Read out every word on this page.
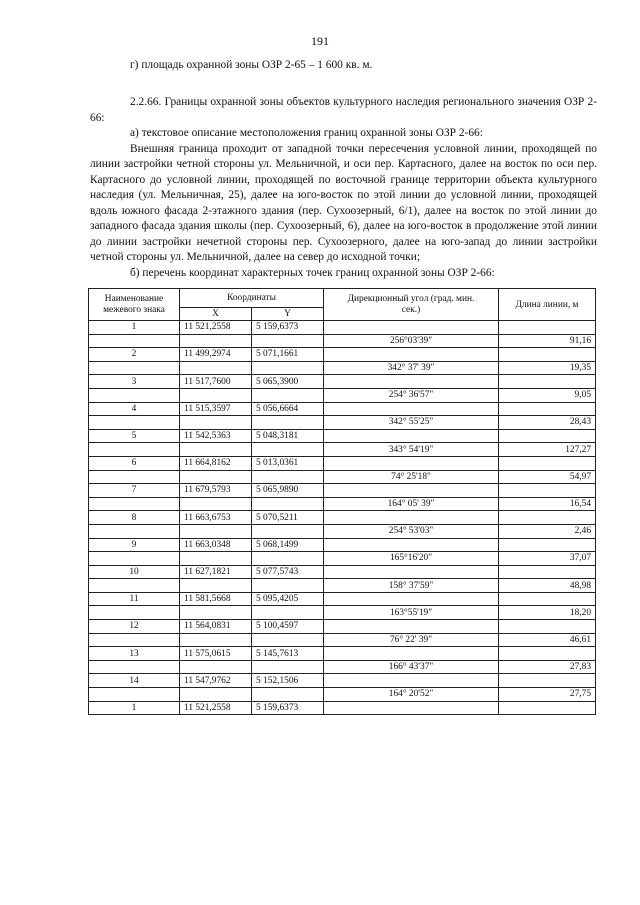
191

г) площадь охранной зоны ОЗР 2-65 – 1 600 кв. м.

2.2.66. Границы охранной зоны объектов культурного наследия регионального значения ОЗР 2-66:

а) текстовое описание местоположения границ охранной зоны ОЗР 2-66:

Внешняя граница проходит от западной точки пересечения условной линии, проходящей по линии застройки четной стороны ул. Мельничной, и оси пер. Картасного, далее на восток по оси пер. Картасного до условной линии, проходящей по восточной границе территории объекта культурного наследия (ул. Мельничная, 25), далее на юго-восток по этой линии до условной линии, проходящей вдоль южного фасада 2-этажного здания (пер. Сухоозерный, 6/1), далее на восток по этой линии до западного фасада здания школы (пер. Сухоозерный, 6), далее на юго-восток в продолжение этой линии до линии застройки нечетной стороны пер. Сухоозерного, далее на юго-запад до линии застройки четной стороны ул. Мельничной, далее на север до исходной точки;

б) перечень координат характерных точек границ охранной зоны ОЗР 2-66:

Наименование межевого знака	Координаты		Дирекционный угол (град. мин. сек.)	Длина линии, м
	X	Y		
1	11 521,2558	5 159,6373		
			256°03'39"	91,16
2	11 499,2974	5 071,1661		
			342° 37' 39"	19,35
3	11 517,7600	5 065,3900		
			254° 36'57"	9,05
4	11 515,3597	5 056,6664		
			342° 55'25"	28,43
5	11 542,5363	5 048,3181		
			343° 54'19"	127,27
6	11 664,8162	5 013,0361		
			74° 25'18"	54,97
7	11 679,5793	5 065,9890		
			164° 05' 39"	16,54
8	11 663,6753	5 070,5211		
			254° 53'03"	2,46
9	11 663,0348	5 068,1499		
			165°16'20"	37,07
10	11 627,1821	5 077,5743		
			158° 37'59"	48,98
11	11 581,5668	5 095,4205		
			163°55'19"	18,20
12	11 564,0831	5 100,4597		
			76° 22' 39"	46,61
13	11 575,0615	5 145,7613		
			166° 43'37"	27,83
14	11 547,9762	5 152,1506		
			164° 20'52"	27,75
1	11 521,2558	5 159,6373		
